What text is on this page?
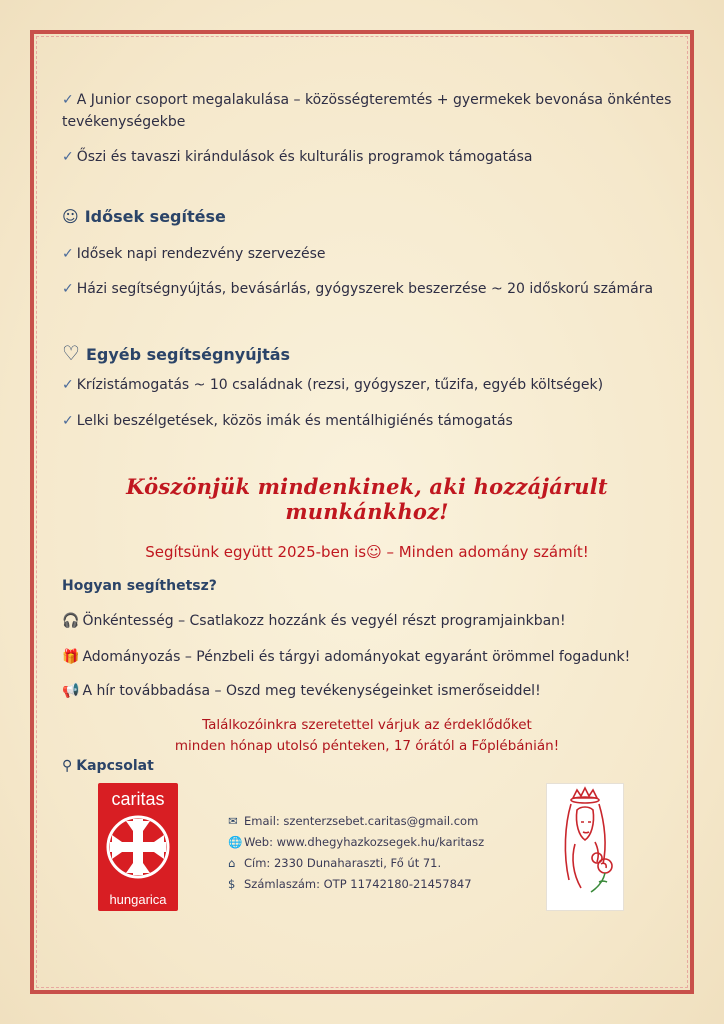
✓ A Junior csoport megalakulása – közösségteremtés + gyermekek bevonása önkéntes
tevékenységekbe
✓ Őszi és tavaszi kirándulások és kulturális programok támogatása
☺ Idősek segítése
✓ Idősek napi rendezvény szervezése
✓ Házi segítségnyújtás, bevásárlás, gyógyszerek beszerzése ~ 20 időskorú számára
♡ Egyéb segítségnyújtás
✓ Krízistámogatás ~ 10 családnak (rezsi, gyógyszer, tűzifa, egyéb költségek)
✓ Lelki beszélgetések, közös imák és mentálhigiénés támogatás
Köszönjük mindenkinek, aki hozzájárult munkánkhoz!
Segítsünk együtt 2025-ben is☺ – Minden adomány számít!
Hogyan segíthetsz?
🎧 Önkéntesség – Csatlakozz hozzánk és vegyél részt programjainkban!
🎁 Adományozás – Pénzbeli és tárgyi adományokat egyaránt örömmel fogadunk!
📢 A hír továbbadása – Oszd meg tevékenységeinket ismerőseiddel!
Találkozóinkra szeretettel várjuk az érdeklődőket
minden hónap utolsó pénteken, 17 órától a Főplébánián!
⚲ Kapcsolat
caritas
hungarica
✉ Email: szenterzsebet.caritas@gmail.com
🌐 Web: www.dhegyhazkozsegek.hu/karitasz
⌂ Cím: 2330 Dunaharaszti, Fő út 71.
$ Számlaszám: OTP 11742180-21457847
